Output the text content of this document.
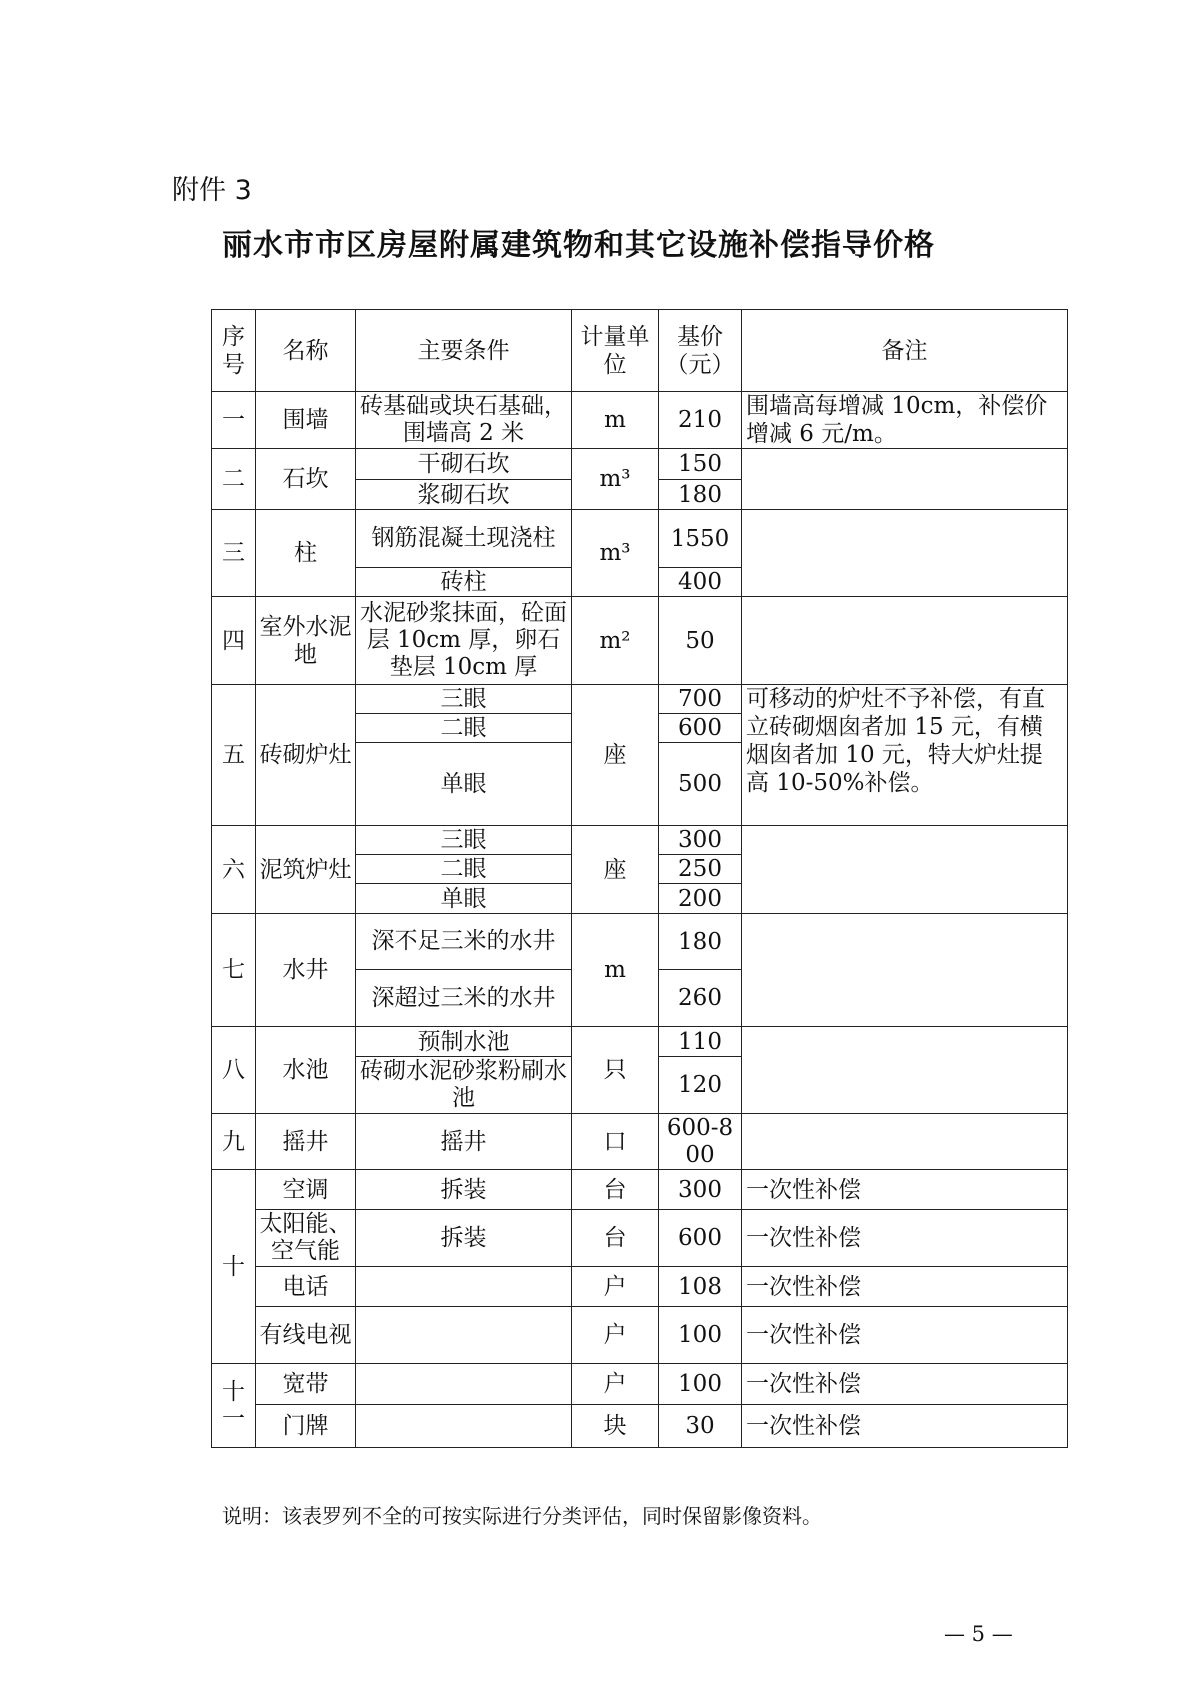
附件 3
丽水市市区房屋附属建筑物和其它设施补偿指导价格
序号	名称	主要条件	计量单位	基价（元）	备注
一	围墙	砖基础或块石基础，围墙高 2 米	m	210	围墙高每增减 10cm，补偿价增减 6 元/m。
二	石坎	干砌石坎	m³	150	
		浆砌石坎		180	
三	柱	钢筋混凝土现浇柱	m³	1550	
		砖柱		400	
四	室外水泥地	水泥砂浆抹面，砼面层 10cm 厚，卵石垫层 10cm 厚	m²	50	
五	砖砌炉灶	三眼	座	700	可移动的炉灶不予补偿，有直立砖砌烟囱者加 15 元，有横烟囱者加 10 元，特大炉灶提高 10-50%补偿。
		二眼		600	
		单眼		500	
六	泥筑炉灶	三眼	座	300	
		二眼		250	
		单眼		200	
七	水井	深不足三米的水井	m	180	
		深超过三米的水井		260	
八	水池	预制水池	只	110	
		砖砌水泥砂浆粉刷水池		120	
九	摇井	摇井	口	600-800	
十	空调	拆装	台	300	一次性补偿
	太阳能、空气能	拆装	台	600	一次性补偿
	电话		户	108	一次性补偿
	有线电视		户	100	一次性补偿
十一	宽带		户	100	一次性补偿
	门牌		块	30	一次性补偿
说明：该表罗列不全的可按实际进行分类评估，同时保留影像资料。
— 5 —
